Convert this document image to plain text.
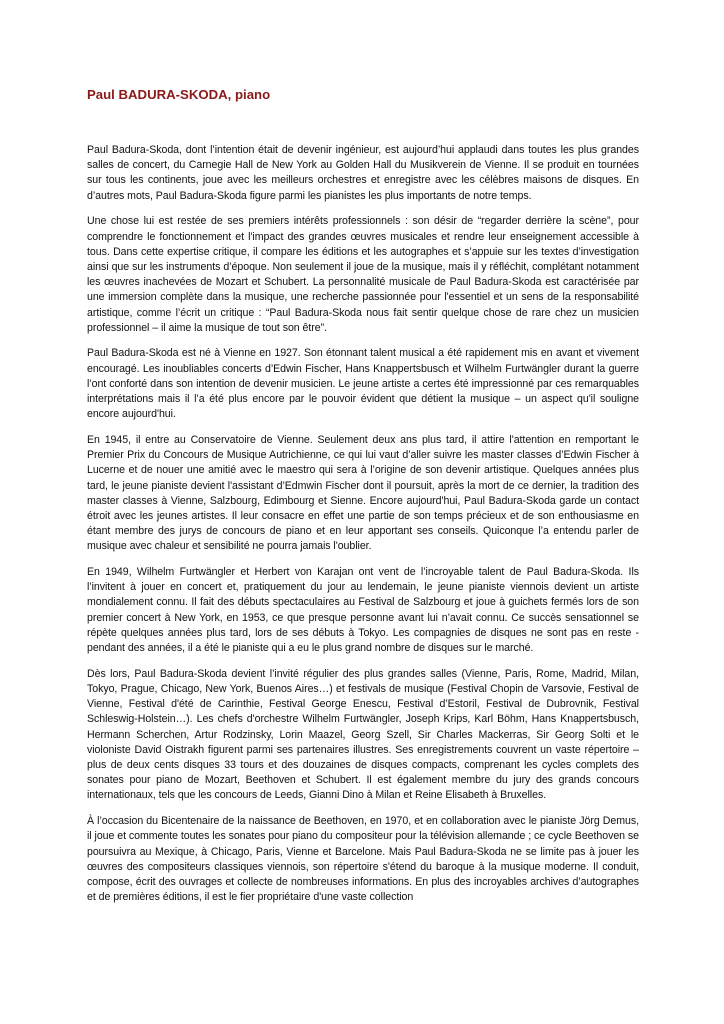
Paul BADURA-SKODA, piano

Paul Badura-Skoda, dont l’intention était de devenir ingénieur, est aujourd’hui applaudi dans toutes les plus grandes salles de concert, du Carnegie Hall de New York au Golden Hall du Musikverein de Vienne. Il se produit en tournées sur tous les continents, joue avec les meilleurs orchestres et enregistre avec les célèbres maisons de disques. En d’autres mots, Paul Badura-Skoda figure parmi les pianistes les plus importants de notre temps.

Une chose lui est restée de ses premiers intérêts professionnels : son désir de “regarder derrière la scène”, pour comprendre le fonctionnement et l'impact des grandes œuvres musicales et rendre leur enseignement accessible à tous. Dans cette expertise critique, il compare les éditions et les autographes et s’appuie sur les textes d’investigation ainsi que sur les instruments d’époque. Non seulement il joue de la musique, mais il y réfléchit, complétant notamment les œuvres inachevées de Mozart et Schubert. La personnalité musicale de Paul Badura-Skoda est caractérisée par une immersion complète dans la musique, une recherche passionnée pour l'essentiel et un sens de la responsabilité artistique, comme l’écrit un critique : “Paul Badura-Skoda nous fait sentir quelque chose de rare chez un musicien professionnel – il aime la musique de tout son être”.

Paul Badura-Skoda est né à Vienne en 1927. Son étonnant talent musical a été rapidement mis en avant et vivement encouragé. Les inoubliables concerts d’Edwin Fischer, Hans Knappertsbusch et Wilhelm Furtwängler durant la guerre l’ont conforté dans son intention de devenir musicien. Le jeune artiste a certes été impressionné par ces remarquables interprétations mais il l’a été plus encore par le pouvoir évident que détient la musique – un aspect qu'il souligne encore aujourd'hui.

En 1945, il entre au Conservatoire de Vienne. Seulement deux ans plus tard, il attire l'attention en remportant le Premier Prix du Concours de Musique Autrichienne, ce qui lui vaut d’aller suivre les master classes d’Edwin Fischer à Lucerne et de nouer une amitié avec le maestro qui sera à l’origine de son devenir artistique. Quelques années plus tard, le jeune pianiste devient l'assistant d’Edmwin Fischer dont il poursuit, après la mort de ce dernier, la tradition des master classes à Vienne, Salzbourg, Edimbourg et Sienne. Encore aujourd'hui, Paul Badura-Skoda garde un contact étroit avec les jeunes artistes. Il leur consacre en effet une partie de son temps précieux et de son enthousiasme en étant membre des jurys de concours de piano et en leur apportant ses conseils. Quiconque l’a entendu parler de musique avec chaleur et sensibilité ne pourra jamais l'oublier.

En 1949, Wilhelm Furtwängler et Herbert von Karajan ont vent de l’incroyable talent de Paul Badura-Skoda. Ils l’invitent à jouer en concert et, pratiquement du jour au lendemain, le jeune pianiste viennois devient un artiste mondialement connu. Il fait des débuts spectaculaires au Festival de Salzbourg et joue à guichets fermés lors de son premier concert à New York, en 1953, ce que presque personne avant lui n’avait connu. Ce succès sensationnel se répète quelques années plus tard, lors de ses débuts à Tokyo. Les compagnies de disques ne sont pas en reste - pendant des années, il a été le pianiste qui a eu le plus grand nombre de disques sur le marché.

Dès lors, Paul Badura-Skoda devient l’invité régulier des plus grandes salles (Vienne, Paris, Rome, Madrid, Milan, Tokyo, Prague, Chicago, New York, Buenos Aires…) et festivals de musique (Festival Chopin de Varsovie, Festival de Vienne, Festival d'été de Carinthie, Festival George Enescu, Festival d’Estoril, Festival de Dubrovnik, Festival Schleswig-Holstein…). Les chefs d'orchestre Wilhelm Furtwängler, Joseph Krips, Karl Böhm, Hans Knappertsbusch, Hermann Scherchen, Artur Rodzinsky, Lorin Maazel, Georg Szell, Sir Charles Mackerras, Sir Georg Solti et le violoniste David Oistrakh figurent parmi ses partenaires illustres. Ses enregistrements couvrent un vaste répertoire – plus de deux cents disques 33 tours et des douzaines de disques compacts, comprenant les cycles complets des sonates pour piano de Mozart, Beethoven et Schubert. Il est également membre du jury des grands concours internationaux, tels que les concours de Leeds, Gianni Dino à Milan et Reine Elisabeth à Bruxelles.

À l’occasion du Bicentenaire de la naissance de Beethoven, en 1970, et en collaboration avec le pianiste Jörg Demus, il joue et commente toutes les sonates pour piano du compositeur pour la télévision allemande ; ce cycle Beethoven se poursuivra au Mexique, à Chicago, Paris, Vienne et Barcelone. Mais Paul Badura-Skoda ne se limite pas à jouer les œuvres des compositeurs classiques viennois, son répertoire s'étend du baroque à la musique moderne. Il conduit, compose, écrit des ouvrages et collecte de nombreuses informations. En plus des incroyables archives d’autographes et de premières éditions, il est le fier propriétaire d'une vaste collection
